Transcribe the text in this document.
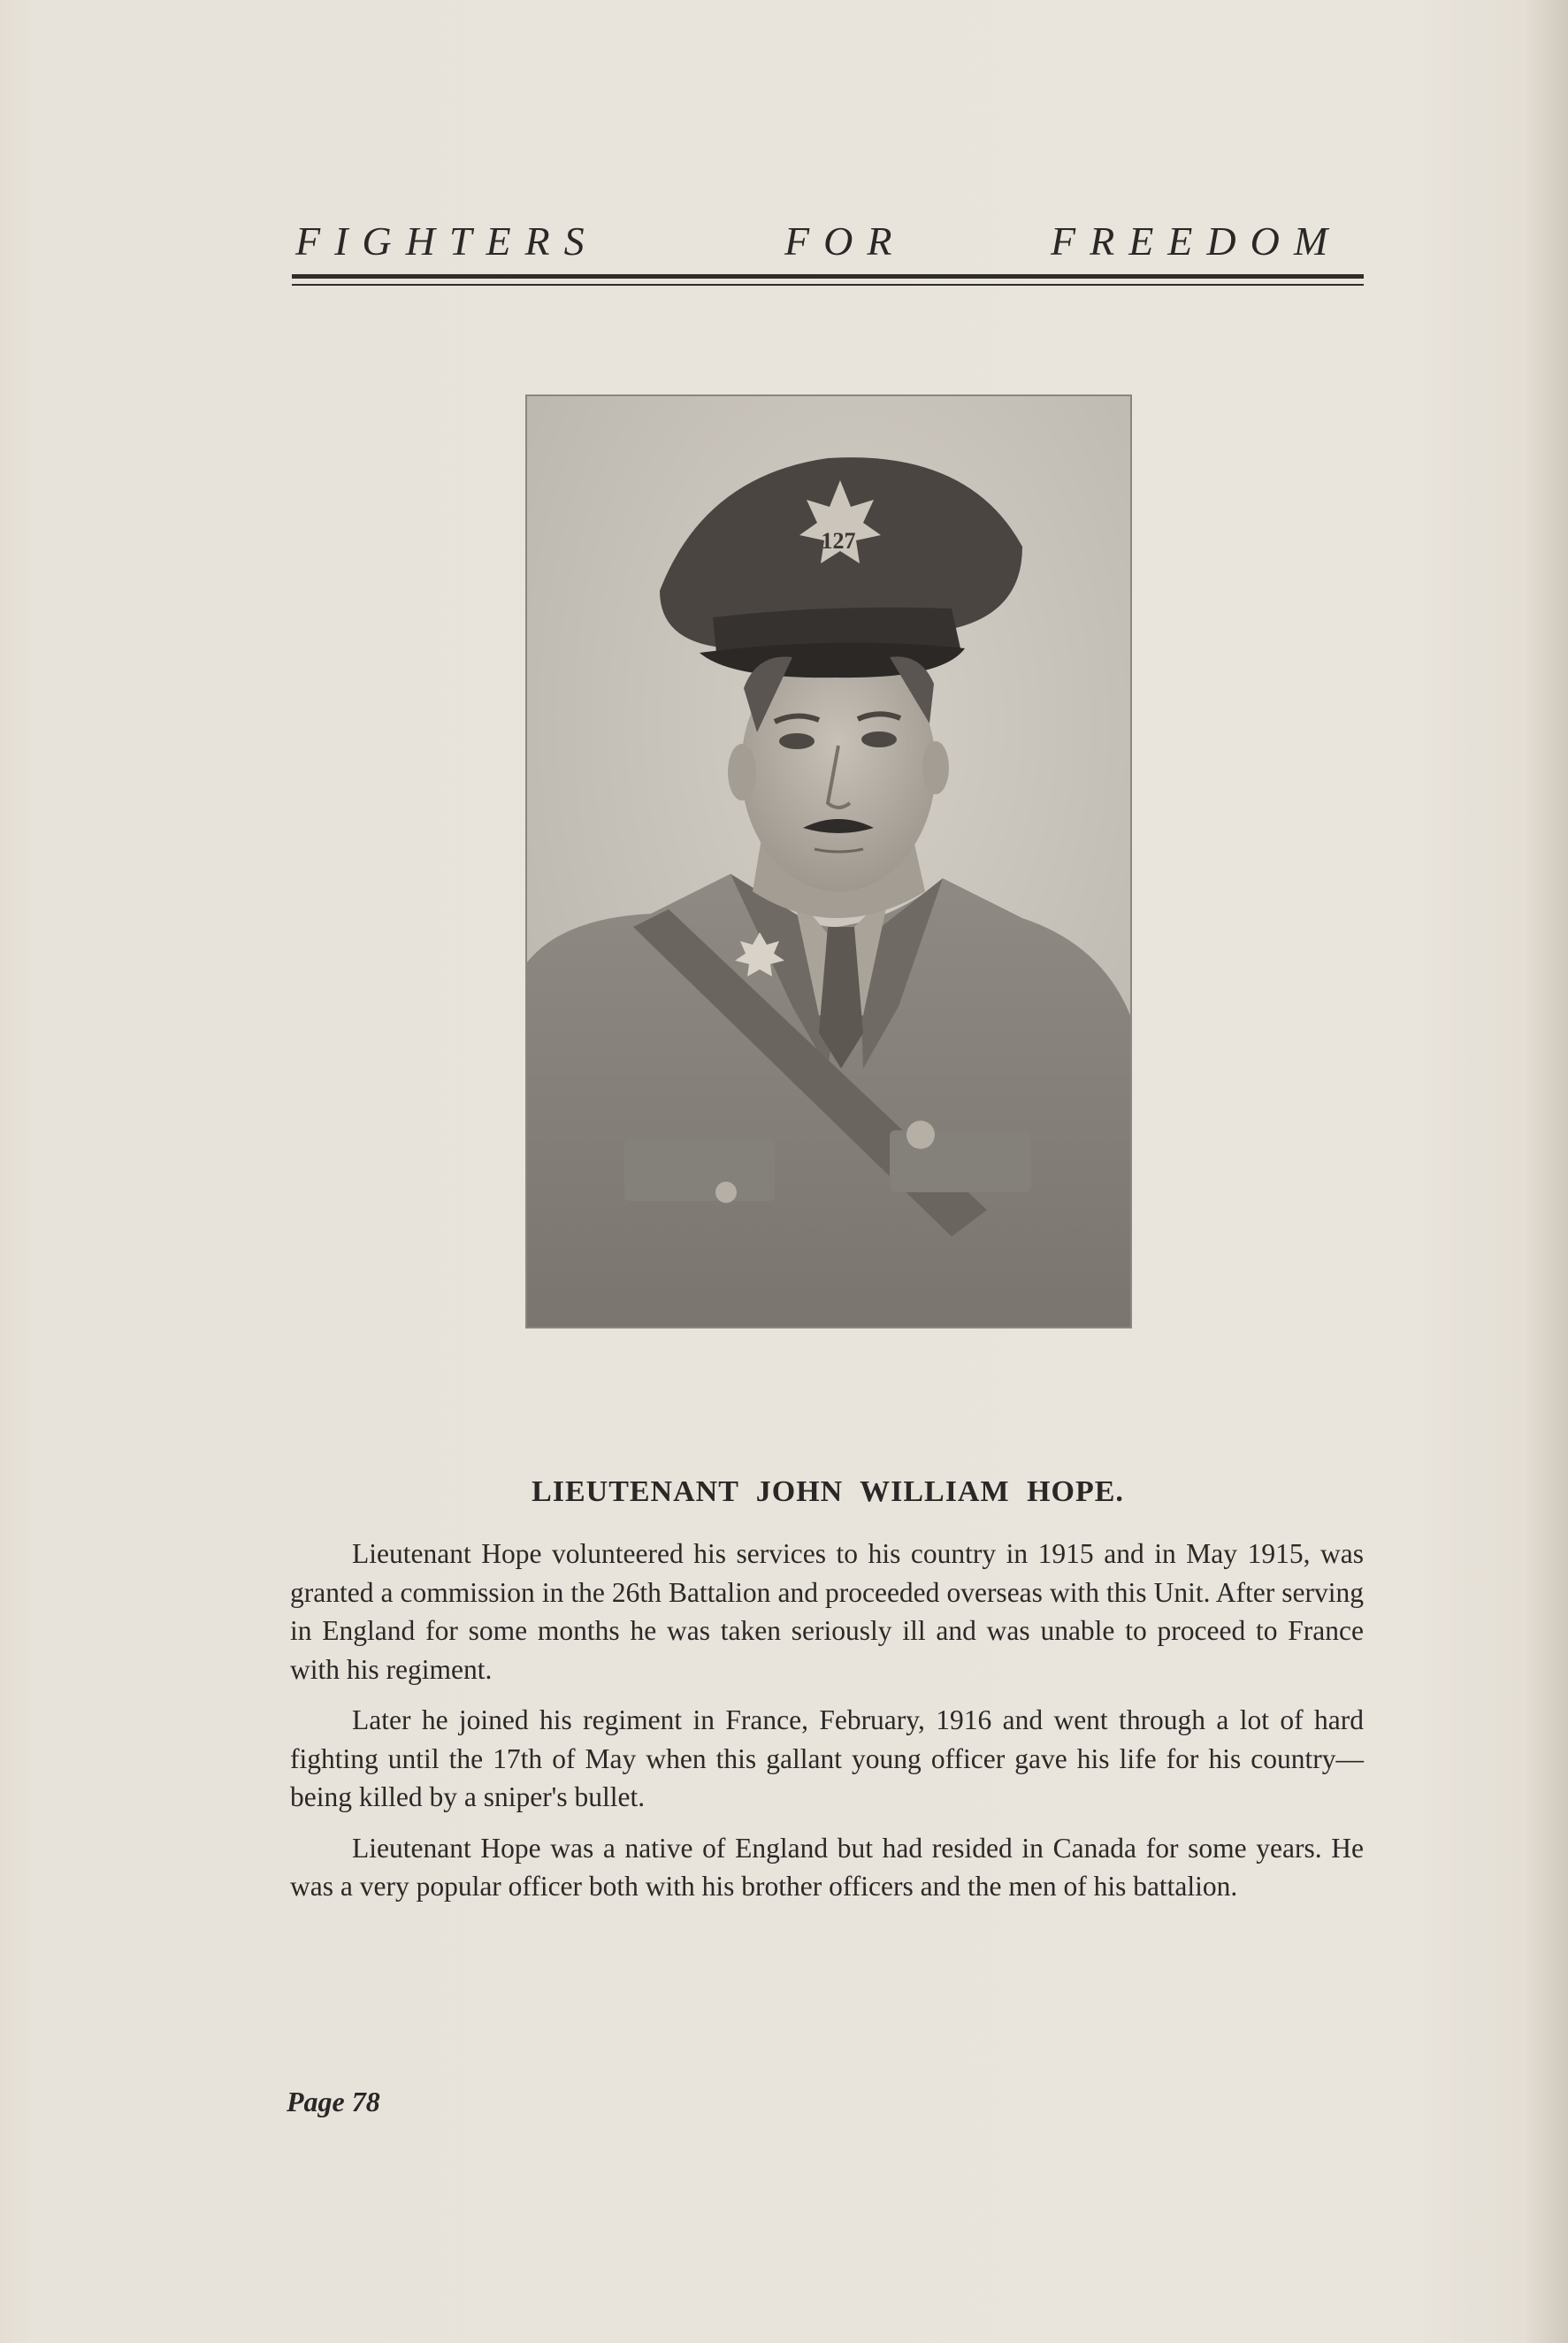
FIGHTERS	FOR	FREEDOM
127
LIEUTENANT JOHN WILLIAM HOPE.

Lieutenant Hope volunteered his services to his country in 1915 and in May 1915, was granted a commission in the 26th Battalion and proceeded overseas with this Unit. After serving in England for some months he was taken seriously ill and was unable to proceed to France with his regiment.

Later he joined his regiment in France, February, 1916 and went through a lot of hard fighting until the 17th of May when this gallant young officer gave his life for his country—being killed by a sniper's bullet.

Lieutenant Hope was a native of England but had resided in Canada for some years. He was a very popular officer both with his brother officers and the men of his battalion.

Page 78
